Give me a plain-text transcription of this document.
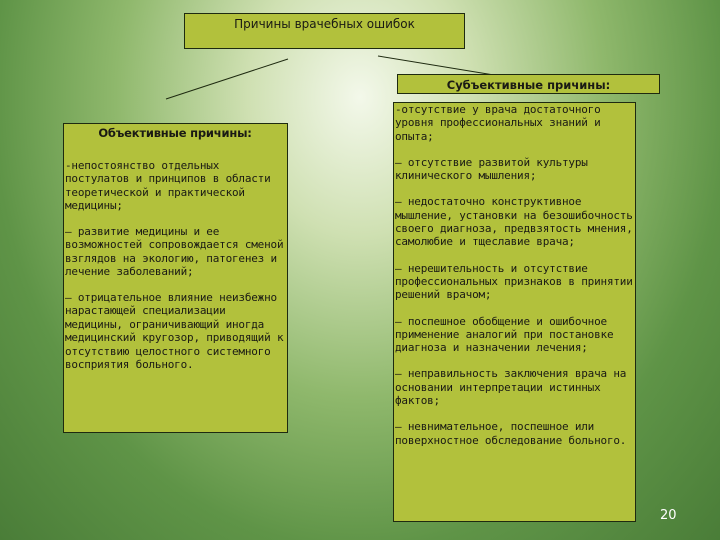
Причины врачебных ошибок
Субъективные причины:
Объективные причины:
-непостоянство отдельных постулатов и принципов в области теоретической и практической медицины;
– развитие медицины и ее возможностей сопровождается сменой взглядов на экологию, патогенез и лечение заболеваний;
– отрицательное влияние неизбежно нарастающей специализации медицины, ограничивающий иногда медицинский кругозор, приводящий к отсутствию целостного системного восприятия больного.
-отсутствие у врача достаточного уровня профессиональных знаний и опыта;
– отсутствие развитой культуры клинического мышления;
– недостаточно конструктивное мышление, установки на безошибочность своего диагноза, предвзятость мнения, самолюбие и тщеславие врача;
– нерешительность и отсутствие профессиональных признаков в принятии решений врачом;
– поспешное обобщение и ошибочное применение аналогий при постановке диагноза и назначении лечения;
– неправильность заключения врача на основании интерпретации истинных фактов;
– невнимательное, поспешное или поверхностное обследование больного.
20
